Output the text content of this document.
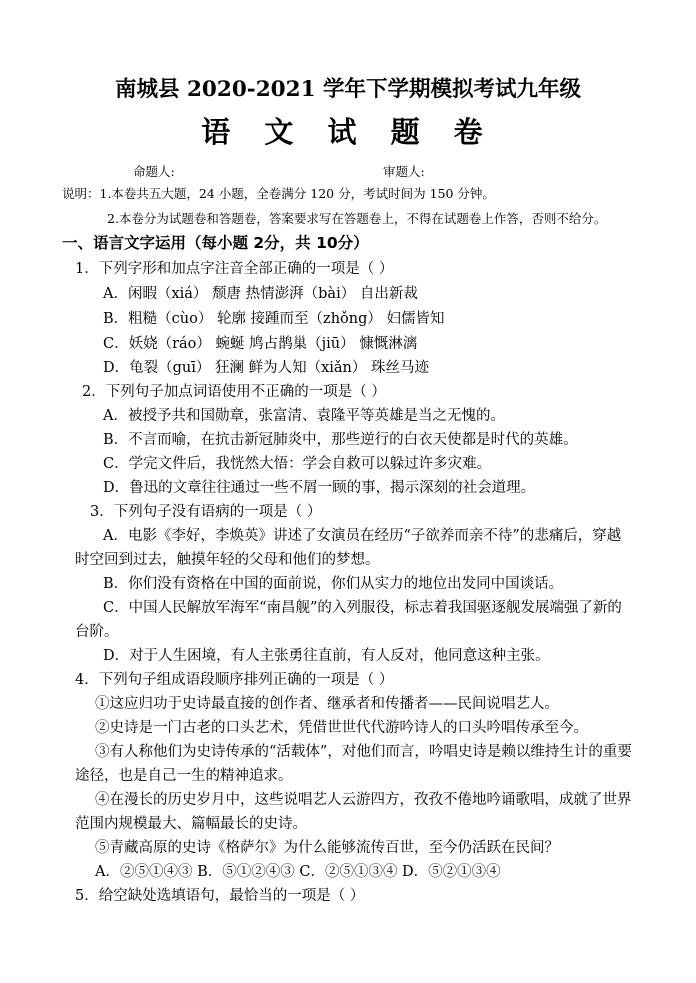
南城县 2020-2021 学年下学期模拟考试九年级
语 文 试 题 卷
命题人:	审题人:
说明：1.本卷共五大题，24 小题，全卷满分 120 分，考试时间为 150 分钟。
2.本卷分为试题卷和答题卷，答案要求写在答题卷上，不得在试题卷上作答，否则不给分。
一、语言文字运用（每小题 2分，共 10分）
1．下列字形和加点字注音全部正确的一项是（ ）
A．闲暇（xiá） 颓唐 热情澎湃（bài） 自出新裁
B．粗糙（cùo） 轮廓 接踵而至（zhǒng） 妇儒皆知
C．妖娆（ráo） 蜿蜒 鸠占鹊巢（jiū） 慷慨淋漓
D．龟裂（guī） 狂澜 鲜为人知（xiǎn） 珠丝马迹
2．下列句子加点词语使用不正确的一项是（ ）
A．被授予共和国勋章，张富清、袁隆平等英雄是当之无愧的。
B．不言而喻，在抗击新冠肺炎中，那些逆行的白衣天使都是时代的英雄。
C．学完文件后，我恍然大悟：学会自救可以躲过许多灾难。
D．鲁迅的文章往往通过一些不屑一顾的事，揭示深刻的社会道理。
3．下列句子没有语病的一项是（ ）
A．电影《李好，李焕英》讲述了女演员在经历“子欲养而亲不待”的悲痛后，穿越
时空回到过去，触摸年轻的父母和他们的梦想。
B．你们没有资格在中国的面前说，你们从实力的地位出发同中国谈话。
C．中国人民解放军海军“南昌舰”的入列服役，标志着我国驱逐舰发展端强了新的
台阶。
D．对于人生困境，有人主张勇往直前，有人反对，他同意这种主张。
4．下列句子组成语段顺序排列正确的一项是（ ）
①这应归功于史诗最直接的创作者、继承者和传播者——民间说唱艺人。
②史诗是一门古老的口头艺术，凭借世世代代游吟诗人的口头吟唱传承至今。
③有人称他们为史诗传承的“活载体”，对他们而言，吟唱史诗是赖以维持生计的重要
途径，也是自己一生的精神追求。
④在漫长的历史岁月中，这些说唱艺人云游四方，孜孜不倦地吟诵歌唱，成就了世界
范围内规模最大、篇幅最长的史诗。
⑤青藏高原的史诗《格萨尔》为什么能够流传百世，至今仍活跃在民间？
A．②⑤①④③ B．⑤①②④③ C．②⑤①③④ D．⑤②①③④
5．给空缺处选填语句，最恰当的一项是（ ）
